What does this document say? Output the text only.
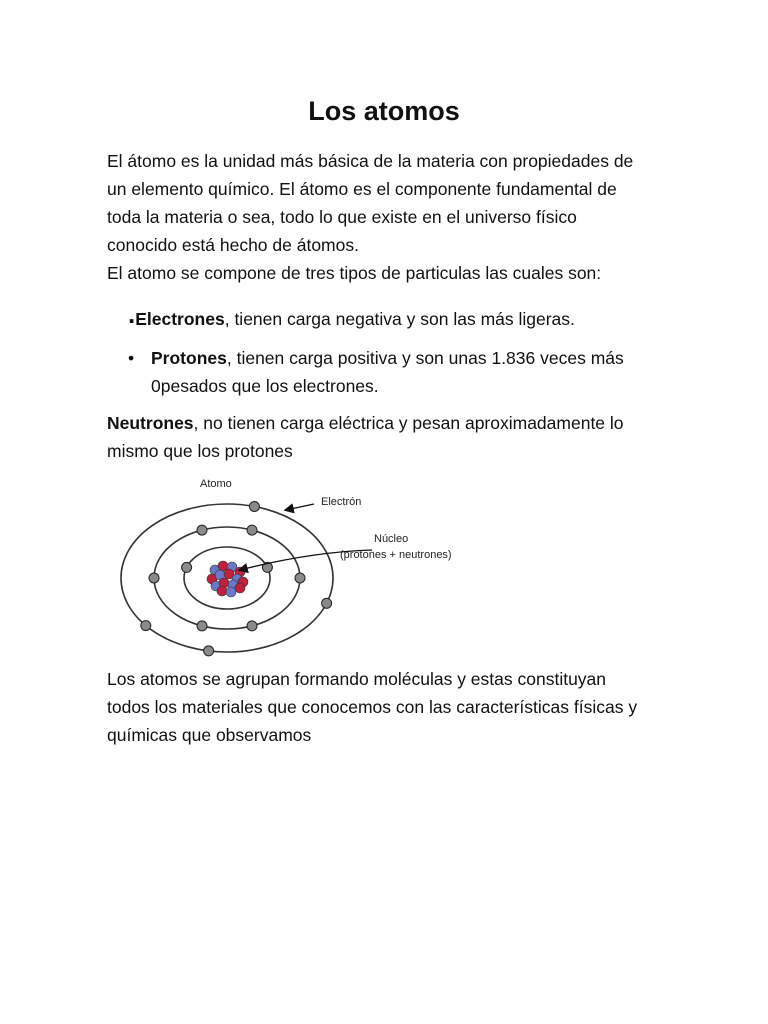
Los atomos

El átomo es la unidad más básica de la materia con propiedades de
un elemento químico. El átomo es el componente fundamental de
toda la materia o sea, todo lo que existe en el universo físico
conocido está hecho de átomos.
El atomo se compone de tres tipos de particulas las cuales son:

.Electrones, tienen carga negativa y son las más ligeras.
• Protones, tienen carga positiva y son unas 1.836 veces más
0pesados que los electrones.

Neutrones, no tienen carga eléctrica y pesan aproximadamente lo
mismo que los protones

Atomo
Electrón
Núcleo
(protones + neutrones)

Los atomos se agrupan formando moléculas y estas constituyan
todos los materiales que conocemos con las características físicas y
químicas que observamos
